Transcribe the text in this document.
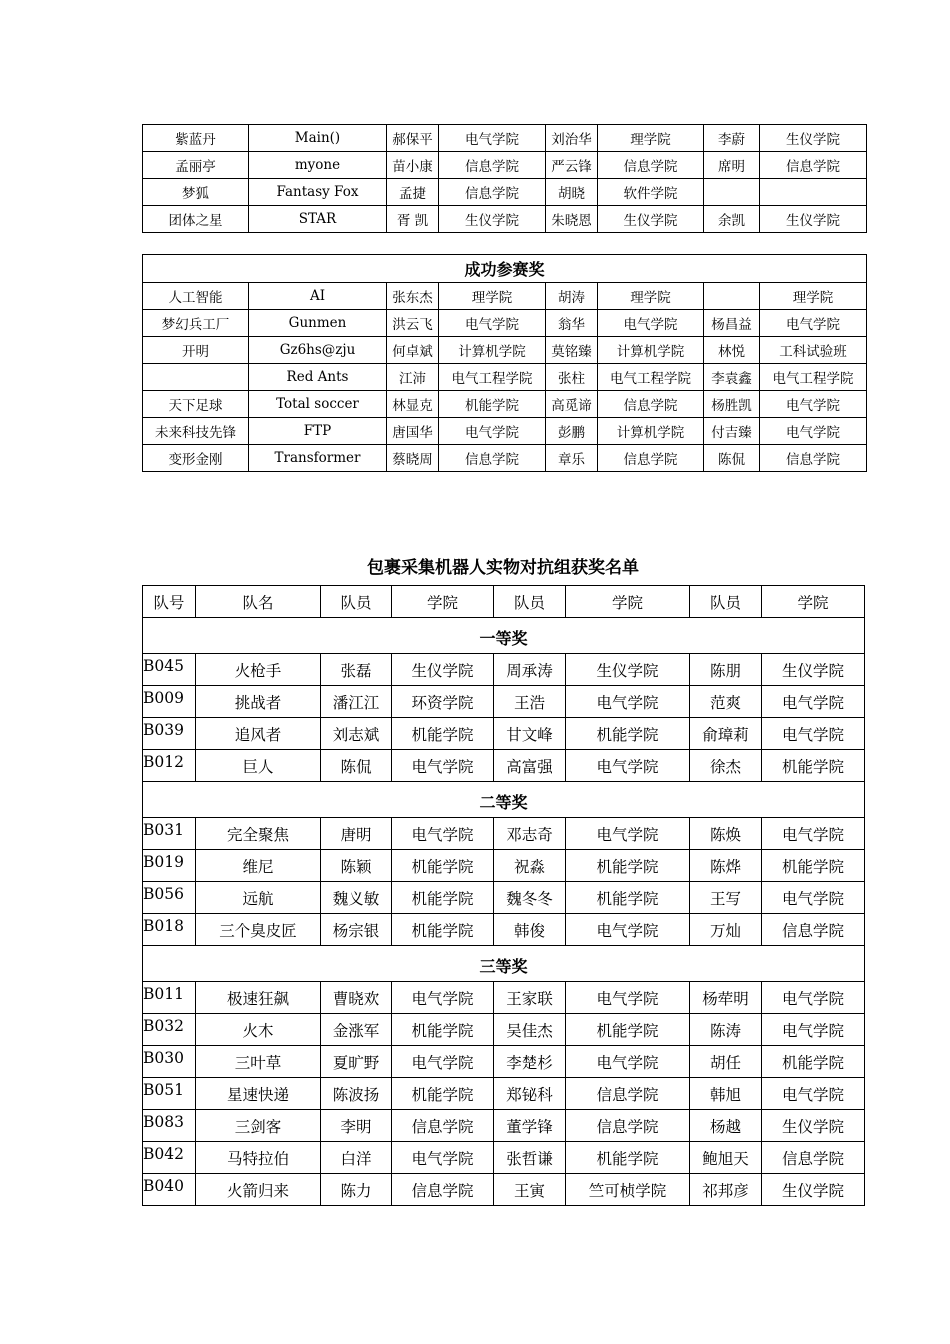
紫蓝丹	Main()	郝保平	电气学院	刘治华	理学院	李蔚	生仪学院
孟丽亭	myone	苗小康	信息学院	严云锋	信息学院	席明	信息学院
梦狐	Fantasy Fox	孟捷	信息学院	胡晓	软件学院		
团体之星	STAR	胥 凯	生仪学院	朱晓恩	生仪学院	余凯	生仪学院
成功参赛奖							
人工智能	AI	张东杰	理学院	胡涛	理学院		理学院
梦幻兵工厂	Gunmen	洪云飞	电气学院	翁华	电气学院	杨昌益	电气学院
开明	Gz6hs@zju	何卓斌	计算机学院	莫铭臻	计算机学院	林悦	工科试验班
	Red Ants	江沛	电气工程学院	张柱	电气工程学院	李袁鑫	电气工程学院
天下足球	Total soccer	林显克	机能学院	高觅谛	信息学院	杨胜凯	电气学院
未来科技先锋	FTP	唐国华	电气学院	彭鹏	计算机学院	付吉臻	电气学院
变形金刚	Transformer	蔡晓周	信息学院	章乐	信息学院	陈侃	信息学院
包裹采集机器人实物对抗组获奖名单
队号	队名	队员	学院	队员	学院	队员	学院
一等奖							
B045	火枪手	张磊	生仪学院	周承涛	生仪学院	陈朋	生仪学院
B009	挑战者	潘江江	环资学院	王浩	电气学院	范爽	电气学院
B039	追风者	刘志斌	机能学院	甘文峰	机能学院	俞璋莉	电气学院
B012	巨人	陈侃	电气学院	高富强	电气学院	徐杰	机能学院
二等奖							
B031	完全聚焦	唐明	电气学院	邓志奇	电气学院	陈焕	电气学院
B019	维尼	陈颖	机能学院	祝淼	机能学院	陈烨	机能学院
B056	远航	魏义敏	机能学院	魏冬冬	机能学院	王写	电气学院
B018	三个臭皮匠	杨宗银	机能学院	韩俊	电气学院	万灿	信息学院
三等奖							
B011	极速狂飙	曹晓欢	电气学院	王家联	电气学院	杨荦明	电气学院
B032	火木	金涨军	机能学院	吴佳杰	机能学院	陈涛	电气学院
B030	三叶草	夏旷野	电气学院	李楚杉	电气学院	胡任	机能学院
B051	星速快递	陈波扬	机能学院	郑铋科	信息学院	韩旭	电气学院
B083	三剑客	李明	信息学院	董学锋	信息学院	杨越	生仪学院
B042	马特拉伯	白洋	电气学院	张哲谦	机能学院	鲍旭天	信息学院
B040	火箭归来	陈力	信息学院	王寅	竺可桢学院	祁邦彦	生仪学院
